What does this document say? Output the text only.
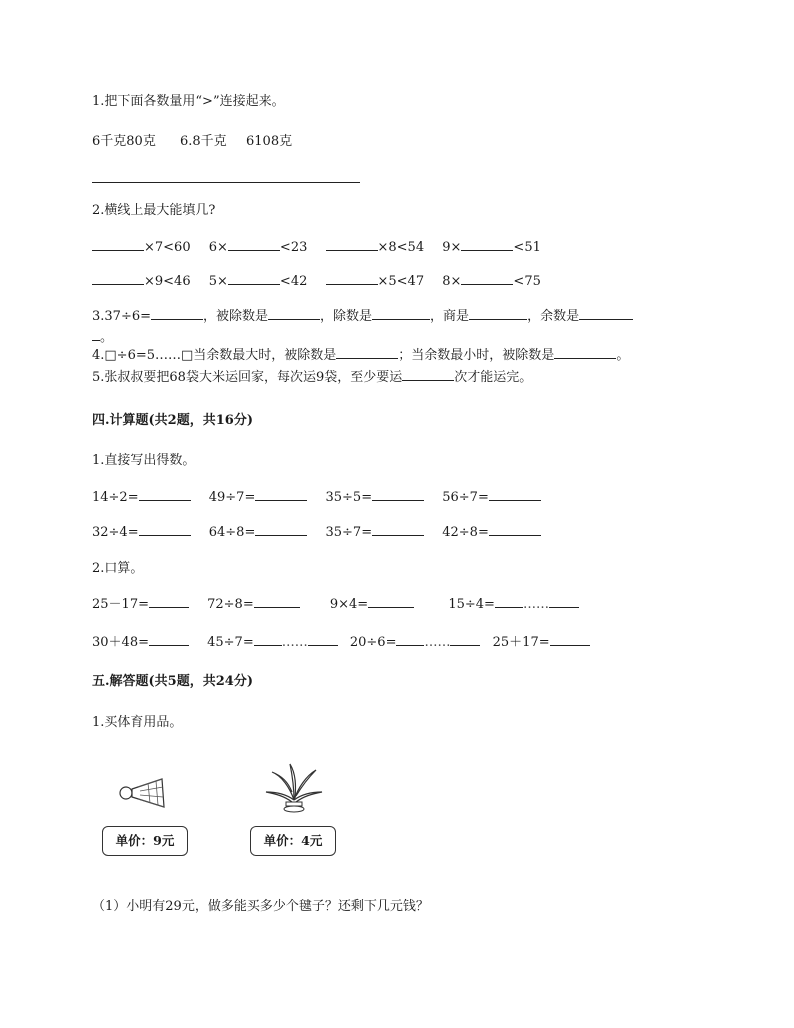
1.把下面各数量用“>”连接起来。
6千克80克 6.8千克 6108克
2.横线上最大能填几?
×7<60 6×	<23	×8<54 9×	<51
×9<46 5×	<42	×5<47 8×	<75
3.37÷6=	，被除数是	，除数是	，商是	，余数是
。
4.□÷6=5……□当余数最大时，被除数是	；当余数最小时，被除数是	。
5.张叔叔要把68袋大米运回家，每次运9袋，至少要运	次才能运完。
四.计算题(共2题，共16分)
1.直接写出得数。
14÷2=	49÷7=	35÷5=	56÷7=
32÷4=	64÷8=	35÷7=	42÷8=
2.口算。
25－17=	72÷8=	9×4=	15÷4= ……
30＋48=	45÷7= ……	20÷6= ……	25＋17=
五.解答题(共5题，共24分)
1.买体育用品。
单价：9元	单价：4元
（1）小明有29元，做多能买多少个毽子？还剩下几元钱？
